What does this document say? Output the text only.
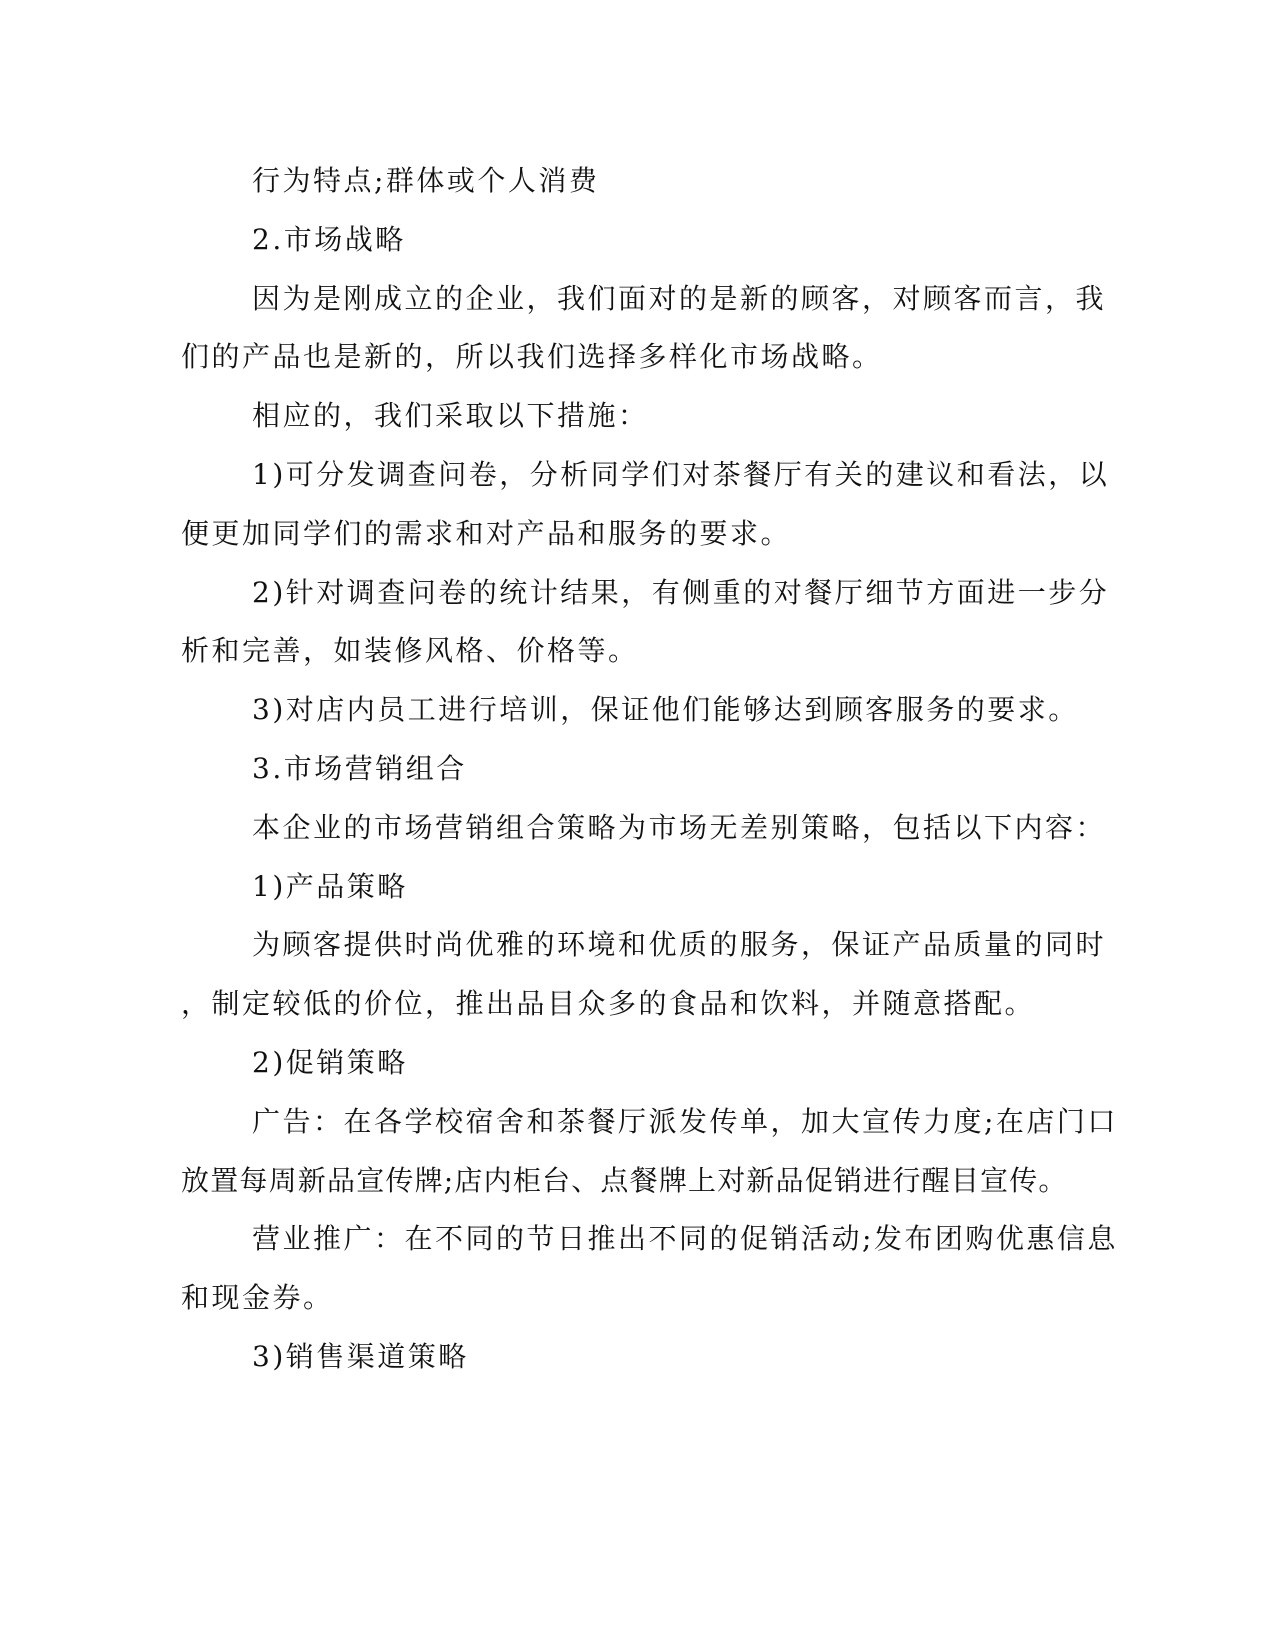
行为特点;群体或个人消费
2.市场战略
因为是刚成立的企业，我们面对的是新的顾客，对顾客而言，我
们的产品也是新的，所以我们选择多样化市场战略。
相应的，我们采取以下措施：
1)可分发调查问卷，分析同学们对茶餐厅有关的建议和看法，以
便更加同学们的需求和对产品和服务的要求。
2)针对调查问卷的统计结果，有侧重的对餐厅细节方面进一步分
析和完善，如装修风格、价格等。
3)对店内员工进行培训，保证他们能够达到顾客服务的要求。
3.市场营销组合
本企业的市场营销组合策略为市场无差别策略，包括以下内容：
1)产品策略
为顾客提供时尚优雅的环境和优质的服务，保证产品质量的同时
，制定较低的价位，推出品目众多的食品和饮料，并随意搭配。
2)促销策略
广告：在各学校宿舍和茶餐厅派发传单，加大宣传力度;在店门口
放置每周新品宣传牌;店内柜台、点餐牌上对新品促销进行醒目宣传。
营业推广：在不同的节日推出不同的促销活动;发布团购优惠信息
和现金券。
3)销售渠道策略
